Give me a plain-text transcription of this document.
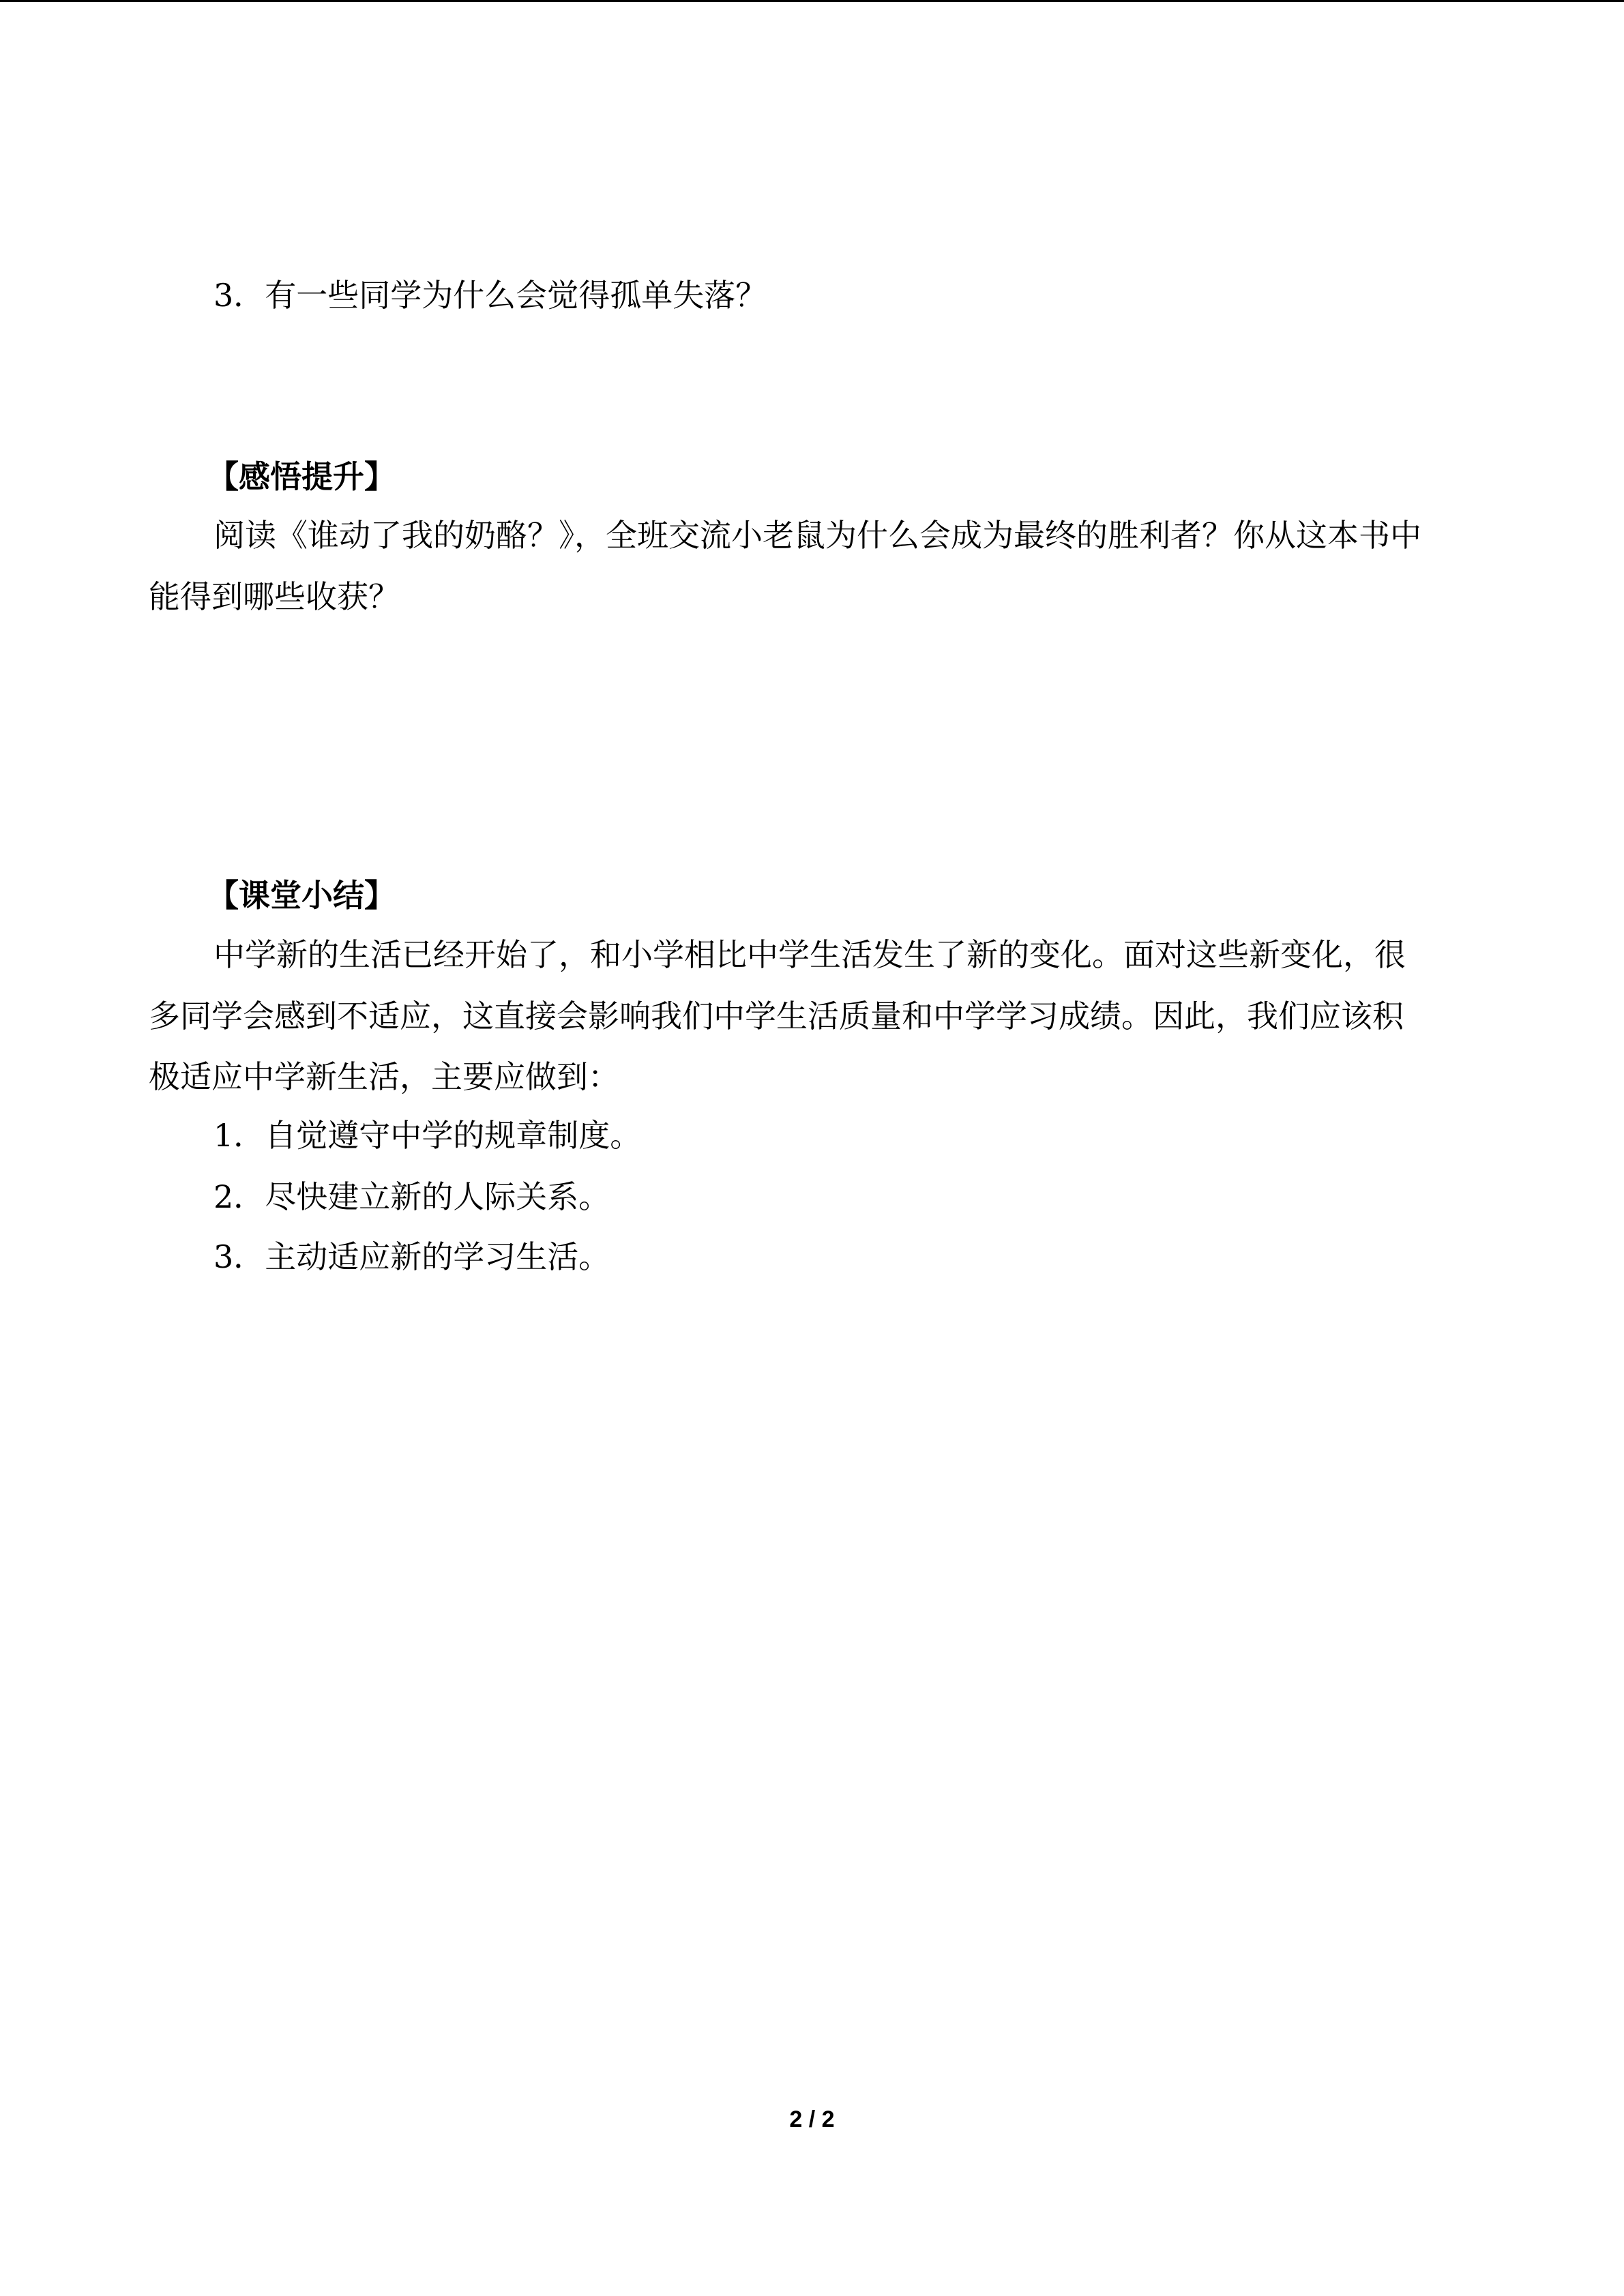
3．有一些同学为什么会觉得孤单失落？
【感悟提升】
阅读《谁动了我的奶酪？》，全班交流小老鼠为什么会成为最终的胜利者？你从这本书中
能得到哪些收获？
【课堂小结】
中学新的生活已经开始了，和小学相比中学生活发生了新的变化。面对这些新变化，很
多同学会感到不适应，这直接会影响我们中学生活质量和中学学习成绩。因此，我们应该积
极适应中学新生活，主要应做到：
1．自觉遵守中学的规章制度。
2．尽快建立新的人际关系。
3．主动适应新的学习生活。
2 / 2
